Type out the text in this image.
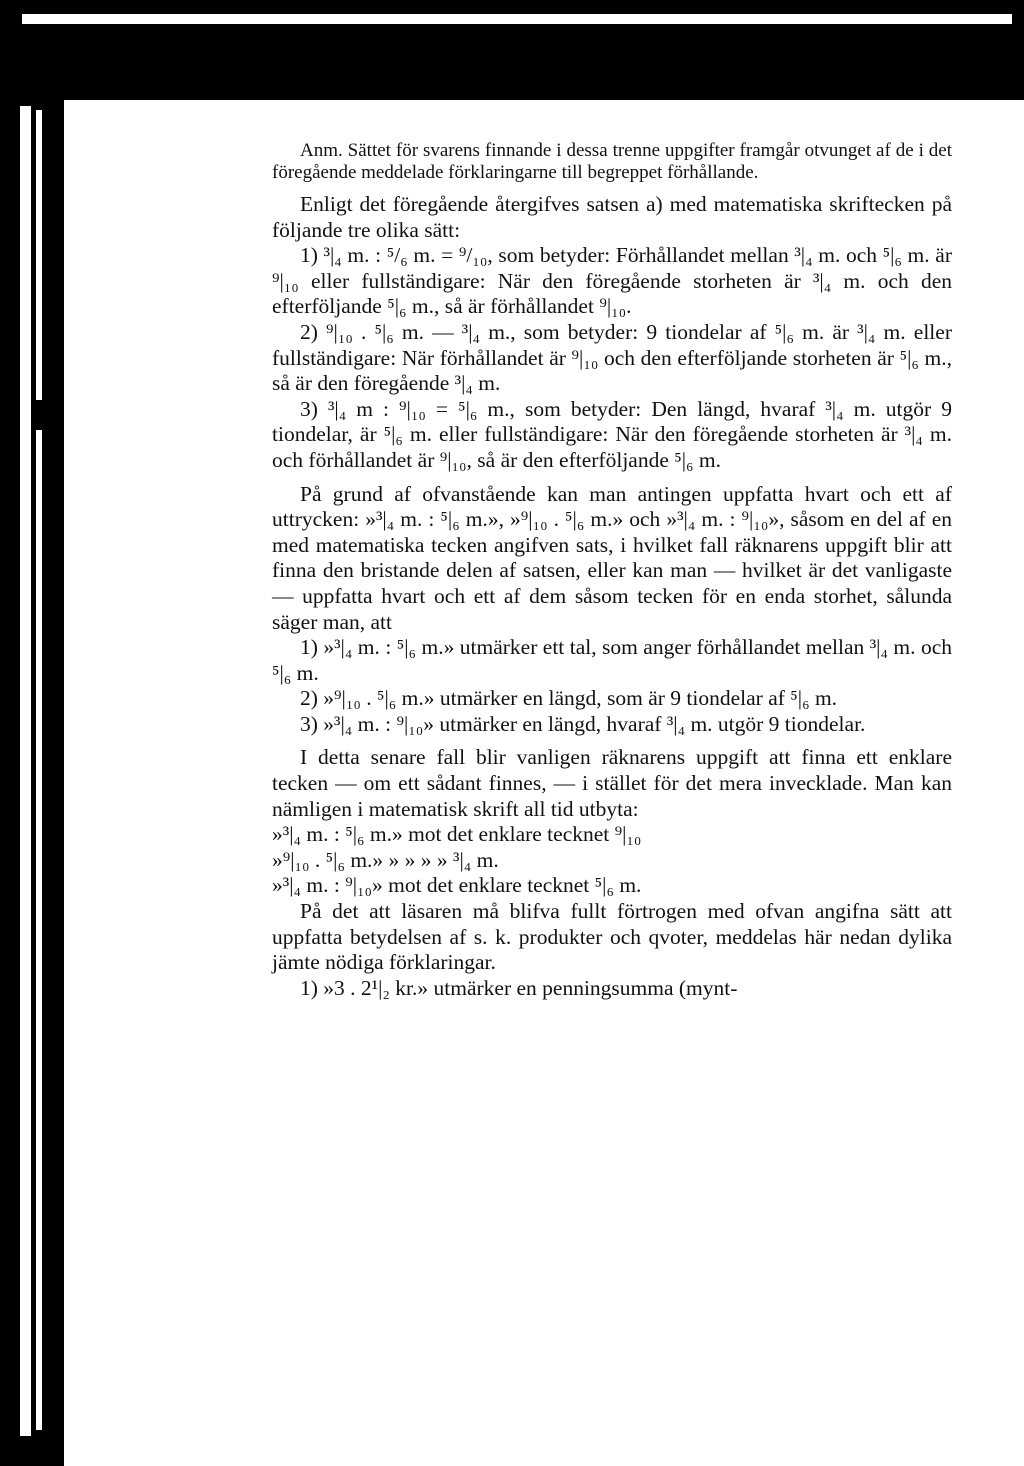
Anm. Sättet för svarens finnande i dessa trenne uppgifter framgår otvunget af de i det föregående meddelade förklaringarne till begreppet förhållande.

Enligt det föregående återgifves satsen a) med matematiska skriftecken på följande tre olika sätt:

1) ³|₄ m. : ⁵/₆ m. = ⁹/₁₀, som betyder: Förhållandet mellan ³|₄ m. och ⁵|₆ m. är ⁹|₁₀ eller fullständigare: När den föregående storheten är ³|₄ m. och den efterföljande ⁵|₆ m., så är förhållandet ⁹|₁₀.

2) ⁹|₁₀ . ⁵|₆ m. — ³|₄ m., som betyder: 9 tiondelar af ⁵|₆ m. är ³|₄ m. eller fullständigare: När förhållandet är ⁹|₁₀ och den efterföljande storheten är ⁵|₆ m., så är den föregående ³|₄ m.

3) ³|₄ m : ⁹|₁₀ = ⁵|₆ m., som betyder: Den längd, hvaraf ³|₄ m. utgör 9 tiondelar, är ⁵|₆ m. eller fullständigare: När den föregående storheten är ³|₄ m. och förhållandet är ⁹|₁₀, så är den efterföljande ⁵|₆ m.

På grund af ofvanstående kan man antingen uppfatta hvart och ett af uttrycken: »³|₄ m. : ⁵|₆ m.», »⁹|₁₀ . ⁵|₆ m.» och »³|₄ m. : ⁹|₁₀», såsom en del af en med matematiska tecken angifven sats, i hvilket fall räknarens uppgift blir att finna den bristande delen af satsen, eller kan man — hvilket är det vanligaste — uppfatta hvart och ett af dem såsom tecken för en enda storhet, sålunda säger man, att

1) »³|₄ m. : ⁵|₆ m.» utmärker ett tal, som anger förhållandet mellan ³|₄ m. och ⁵|₆ m.

2) »⁹|₁₀ . ⁵|₆ m.» utmärker en längd, som är 9 tiondelar af ⁵|₆ m.

3) »³|₄ m. : ⁹|₁₀» utmärker en längd, hvaraf ³|₄ m. utgör 9 tiondelar.

I detta senare fall blir vanligen räknarens uppgift att finna ett enklare tecken — om ett sådant finnes, — i stället för det mera invecklade. Man kan nämligen i matematisk skrift all tid utbyta:

»³|₄ m. : ⁵|₆ m.» mot det enklare tecknet ⁹|₁₀
»⁹|₁₀ . ⁵|₆ m.» » » » » ³|₄ m.
»³|₄ m. : ⁹|₁₀» mot det enklare tecknet ⁵|₆ m.

På det att läsaren må blifva fullt förtrogen med ofvan angifna sätt att uppfatta betydelsen af s. k. produkter och qvoter, meddelas här nedan dylika jämte nödiga förklaringar.

1) »3 . 2¹|₂ kr.» utmärker en penningsumma (mynt-
